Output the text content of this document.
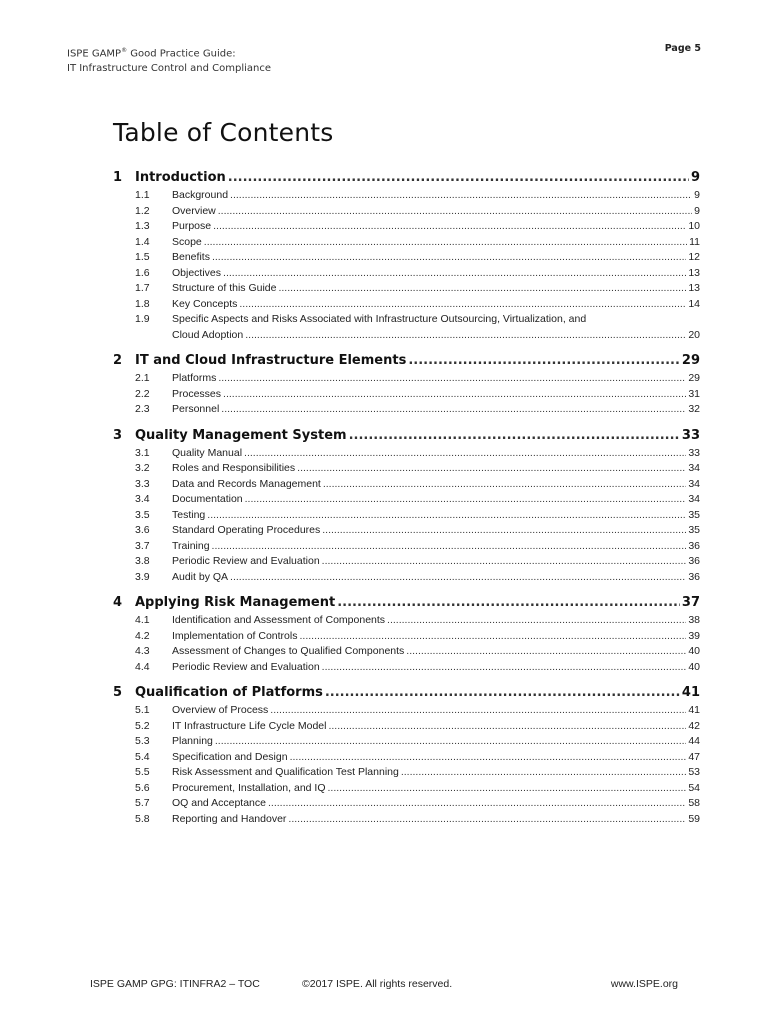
ISPE GAMP® Good Practice Guide:
IT Infrastructure Control and Compliance
Page 5
Table of Contents
1 Introduction .....	9
1.1	Background .....	9
1.2	Overview .....	9
1.3	Purpose .....	10
1.4	Scope .....	11
1.5	Benefits .....	12
1.6	Objectives .....	13
1.7	Structure of this Guide .....	13
1.8	Key Concepts .....	14
1.9	Specific Aspects and Risks Associated with Infrastructure Outsourcing, Virtualization, and
Cloud Adoption .....	20
2 IT and Cloud Infrastructure Elements .....	29
2.1	Platforms .....	29
2.2	Processes .....	31
2.3	Personnel .....	32
3 Quality Management System .....	33
3.1	Quality Manual .....	33
3.2	Roles and Responsibilities .....	34
3.3	Data and Records Management .....	34
3.4	Documentation .....	34
3.5	Testing .....	35
3.6	Standard Operating Procedures .....	35
3.7	Training .....	36
3.8	Periodic Review and Evaluation .....	36
3.9	Audit by QA .....	36
4 Applying Risk Management .....	37
4.1	Identification and Assessment of Components .....	38
4.2	Implementation of Controls .....	39
4.3	Assessment of Changes to Qualified Components .....	40
4.4	Periodic Review and Evaluation .....	40
5 Qualification of Platforms .....	41
5.1	Overview of Process .....	41
5.2	IT Infrastructure Life Cycle Model .....	42
5.3	Planning .....	44
5.4	Specification and Design .....	47
5.5	Risk Assessment and Qualification Test Planning .....	53
5.6	Procurement, Installation, and IQ .....	54
5.7	OQ and Acceptance .....	58
5.8	Reporting and Handover .....	59
ISPE GAMP GPG: ITINFRA2 – TOC	©2017 ISPE. All rights reserved.	www.ISPE.org
